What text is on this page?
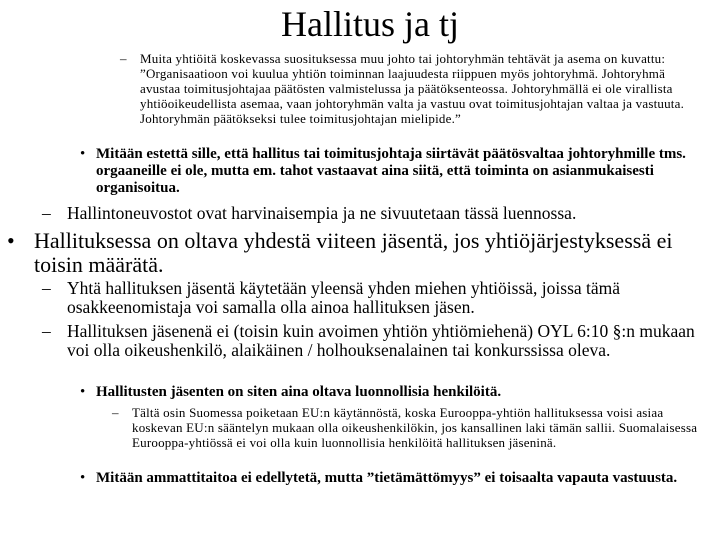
Hallitus ja tj
–	Muita yhtiöitä koskevassa suosituksessa muu johto tai johtoryhmän tehtävät ja asema on kuvattu: ”Organisaatioon voi kuulua yhtiön toiminnan laajuudesta riippuen myös johtoryhmä. Johtoryhmä avustaa toimitusjohtajaa päätösten valmistelussa ja päätöksenteossa. Johtoryhmällä ei ole virallista yhtiöoikeudellista asemaa, vaan johtoryhmän valta ja vastuu ovat toimitusjohtajan valtaa ja vastuuta. Johtoryhmän päätökseksi tulee toimitusjohtajan mielipide.”
• Mitään estettä sille, että hallitus tai toimitusjohtaja siirtävät päätösvaltaa johtoryhmille tms. orgaaneille ei ole, mutta em. tahot vastaavat aina siitä, että toiminta on asianmukaisesti organisoitua.
– Hallintoneuvostot ovat harvinaisempia ja ne sivuutetaan tässä luennossa.
• Hallituksessa on oltava yhdestä viiteen jäsentä, jos yhtiöjärjestyksessä ei toisin määrätä.
– Yhtä hallituksen jäsentä käytetään yleensä yhden miehen yhtiöissä, joissa tämä osakkeenomistaja voi samalla olla ainoa hallituksen jäsen.
– Hallituksen jäsenenä ei (toisin kuin avoimen yhtiön yhtiömiehenä) OYL 6:10 §:n mukaan voi olla oikeushenkilö, alaikäinen / holhouksenalainen tai konkurssissa oleva.
• Hallitusten jäsenten on siten aina oltava luonnollisia henkilöitä.
–	Tältä osin Suomessa poiketaan EU:n käytännöstä, koska Eurooppa-yhtiön hallituksessa voisi asiaa koskevan EU:n sääntelyn mukaan olla oikeushenkilökin, jos kansallinen laki tämän sallii. Suomalaisessa Eurooppa-yhtiössä ei voi olla kuin luonnollisia henkilöitä hallituksen jäseninä.
• Mitään ammattitaitoa ei edellytetä, mutta ”tietämättömyys” ei toisaalta vapauta vastuusta.
